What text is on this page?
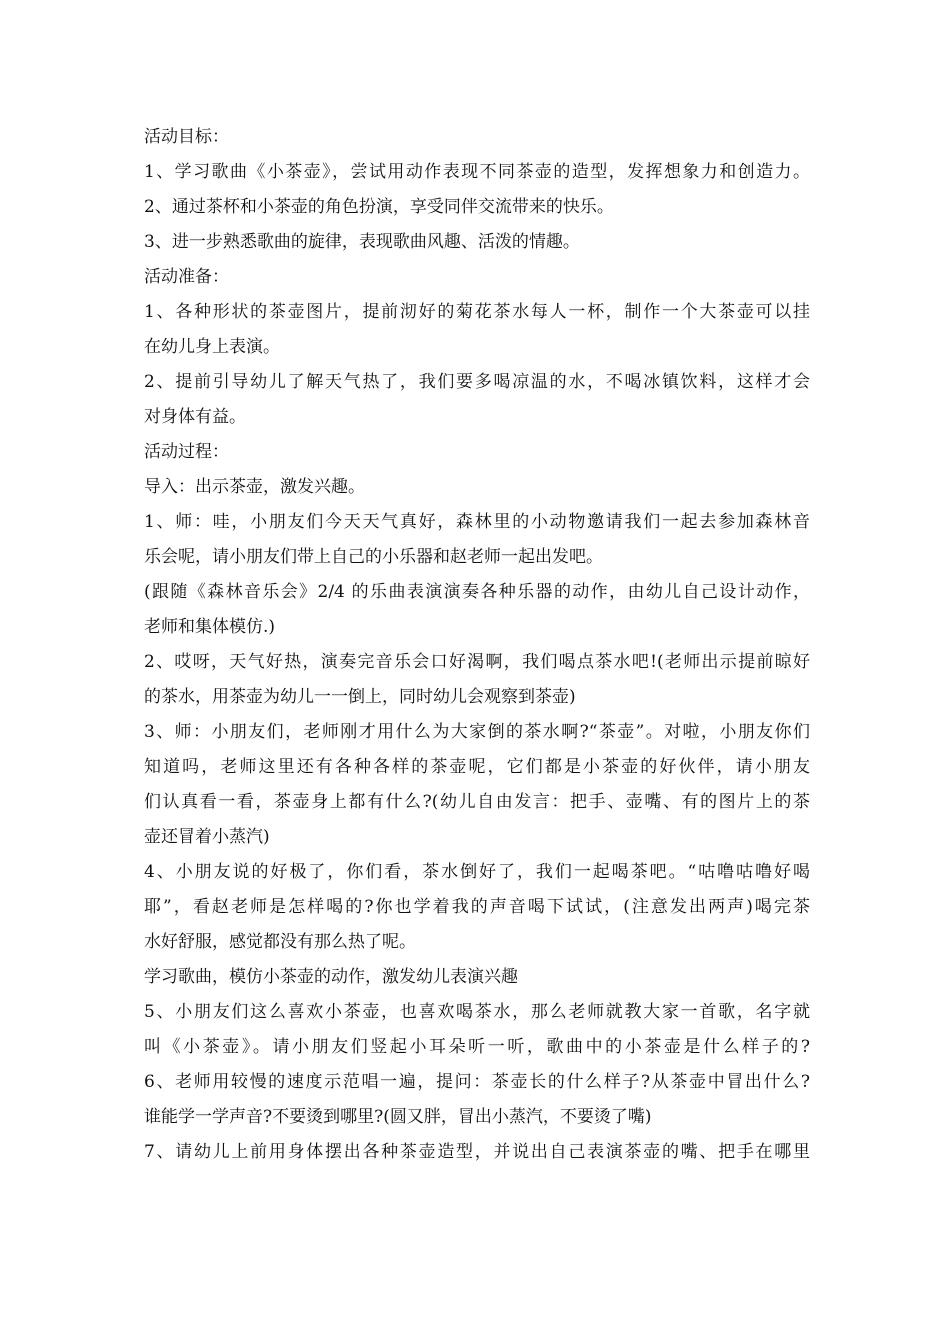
活动目标：
1、学习歌曲《小茶壶》，尝试用动作表现不同茶壶的造型，发挥想象力和创造力。
2、通过茶杯和小茶壶的角色扮演，享受同伴交流带来的快乐。
3、进一步熟悉歌曲的旋律，表现歌曲风趣、活泼的情趣。
活动准备：
1、各种形状的茶壶图片，提前沏好的菊花茶水每人一杯，制作一个大茶壶可以挂
在幼儿身上表演。
2、提前引导幼儿了解天气热了，我们要多喝凉温的水，不喝冰镇饮料，这样才会
对身体有益。
活动过程：
导入：出示茶壶，激发兴趣。
1、师：哇，小朋友们今天天气真好，森林里的小动物邀请我们一起去参加森林音
乐会呢，请小朋友们带上自己的小乐器和赵老师一起出发吧。
(跟随《森林音乐会》2/4 的乐曲表演演奏各种乐器的动作，由幼儿自己设计动作，
老师和集体模仿.)
2、哎呀，天气好热，演奏完音乐会口好渴啊，我们喝点茶水吧!(老师出示提前晾好
的茶水，用茶壶为幼儿一一倒上，同时幼儿会观察到茶壶)
3、师：小朋友们，老师刚才用什么为大家倒的茶水啊?“茶壶”。对啦，小朋友你们
知道吗，老师这里还有各种各样的茶壶呢，它们都是小茶壶的好伙伴，请小朋友
们认真看一看，茶壶身上都有什么?(幼儿自由发言：把手、壶嘴、有的图片上的茶
壶还冒着小蒸汽)
4、小朋友说的好极了，你们看，茶水倒好了，我们一起喝茶吧。“咕噜咕噜好喝
耶”，看赵老师是怎样喝的?你也学着我的声音喝下试试，(注意发出两声)喝完茶
水好舒服，感觉都没有那么热了呢。
学习歌曲，模仿小茶壶的动作，激发幼儿表演兴趣
5、小朋友们这么喜欢小茶壶，也喜欢喝茶水，那么老师就教大家一首歌，名字就
叫《小茶壶》。请小朋友们竖起小耳朵听一听，歌曲中的小茶壶是什么样子的?
6、老师用较慢的速度示范唱一遍，提问：茶壶长的什么样子?从茶壶中冒出什么?
谁能学一学声音?不要烫到哪里?(圆又胖，冒出小蒸汽，不要烫了嘴)
7、请幼儿上前用身体摆出各种茶壶造型，并说出自己表演茶壶的嘴、把手在哪里
